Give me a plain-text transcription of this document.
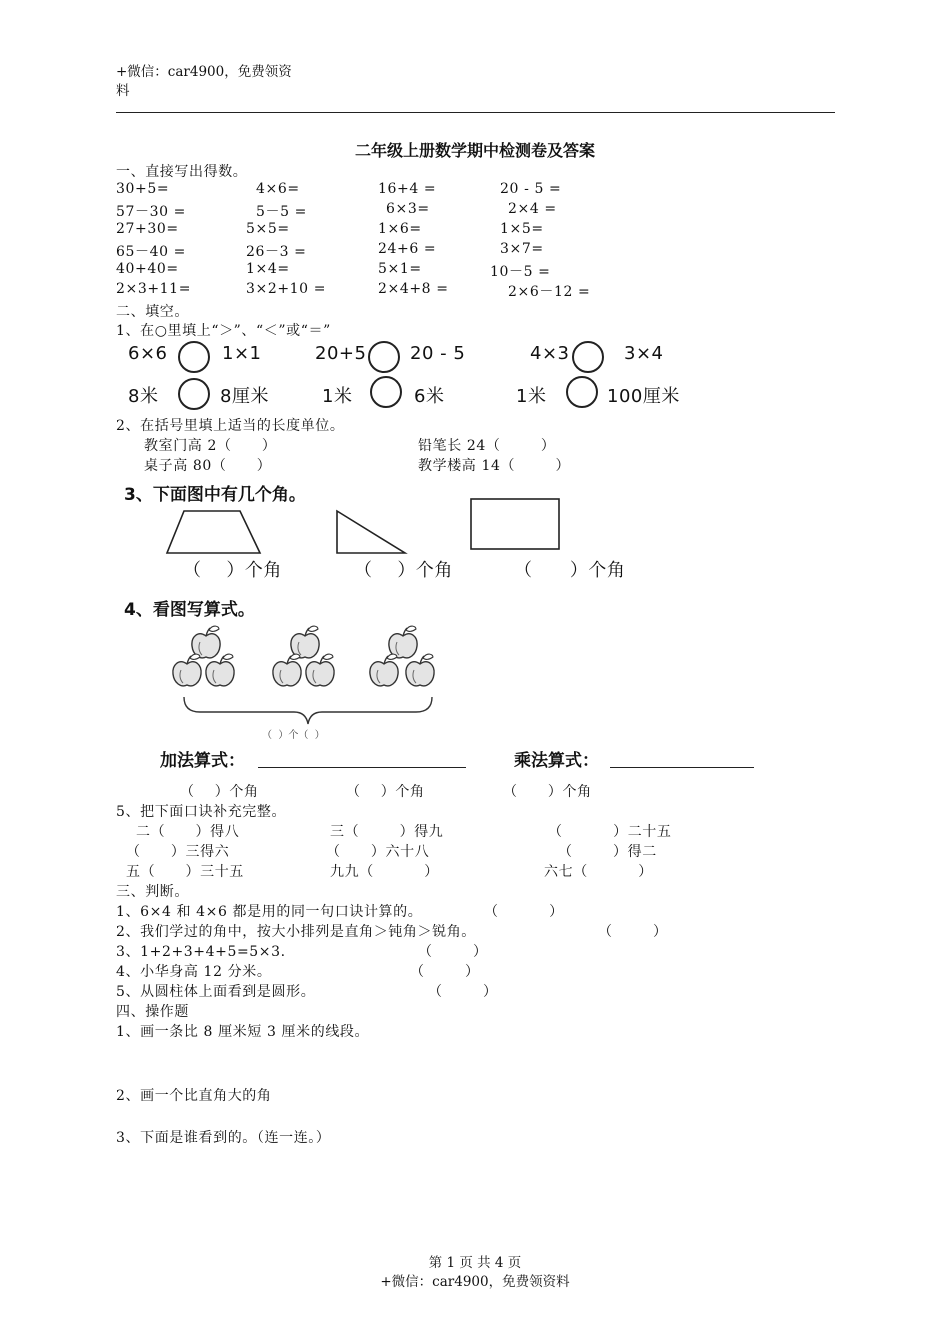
+微信：car4900，免费领资
料
二年级上册数学期中检测卷及答案
一、直接写出得数。
30+5=	4×6=	16+4 =	20 - 5 =
57－30 =	5－5 =	6×3=	2×4 =
27+30=	5×5=	1×6=	1×5=
65－40 =	26－3 =	24+6 =	3×7=
40+40=	1×4=	5×1=	10－5 =
2×3+11=	3×2+10 =	2×4+8 =	2×6－12 =
二、填空。
1、在○里填上“＞”、“＜”或“＝”
6×6	1×1	20+5 20 - 5	4×3	3×4
8米	8厘米	1米	6米	1米	100厘米
2、在括号里填上适当的长度单位。
教室门高 2（      ）	铅笔长 24（        ）
桌子高 80（      ）	教学楼高 14（        ）
3、下面图中有几个角。
（    ）个角	（    ）个角	（      ）个角
4、看图写算式。
（  ）个（  ）
加法算式：	乘法算式：
（    ）个角	（    ）个角	（      ）个角
5、把下面口诀补充完整。
二（      ）得八	三（        ）得九	（          ）二十五
（      ）三得六	（      ）六十八	（        ）得二
五（      ）三十五	九九（          ）	六七（          ）
三、判断。
1、6×4 和 4×6 都是用的同一句口诀计算的。	（          ）
2、我们学过的角中，按大小排列是直角＞钝角＞锐角。	（        ）
3、1+2+3+4+5=5×3.	（        ）
4、小华身高 12 分米。	（        ）
5、从圆柱体上面看到是圆形。	（        ）
四、操作题
1、画一条比 8 厘米短 3 厘米的线段。
2、画一个比直角大的角
3、下面是谁看到的。（连一连。）
第 1 页 共 4 页
+微信：car4900，免费领资料
